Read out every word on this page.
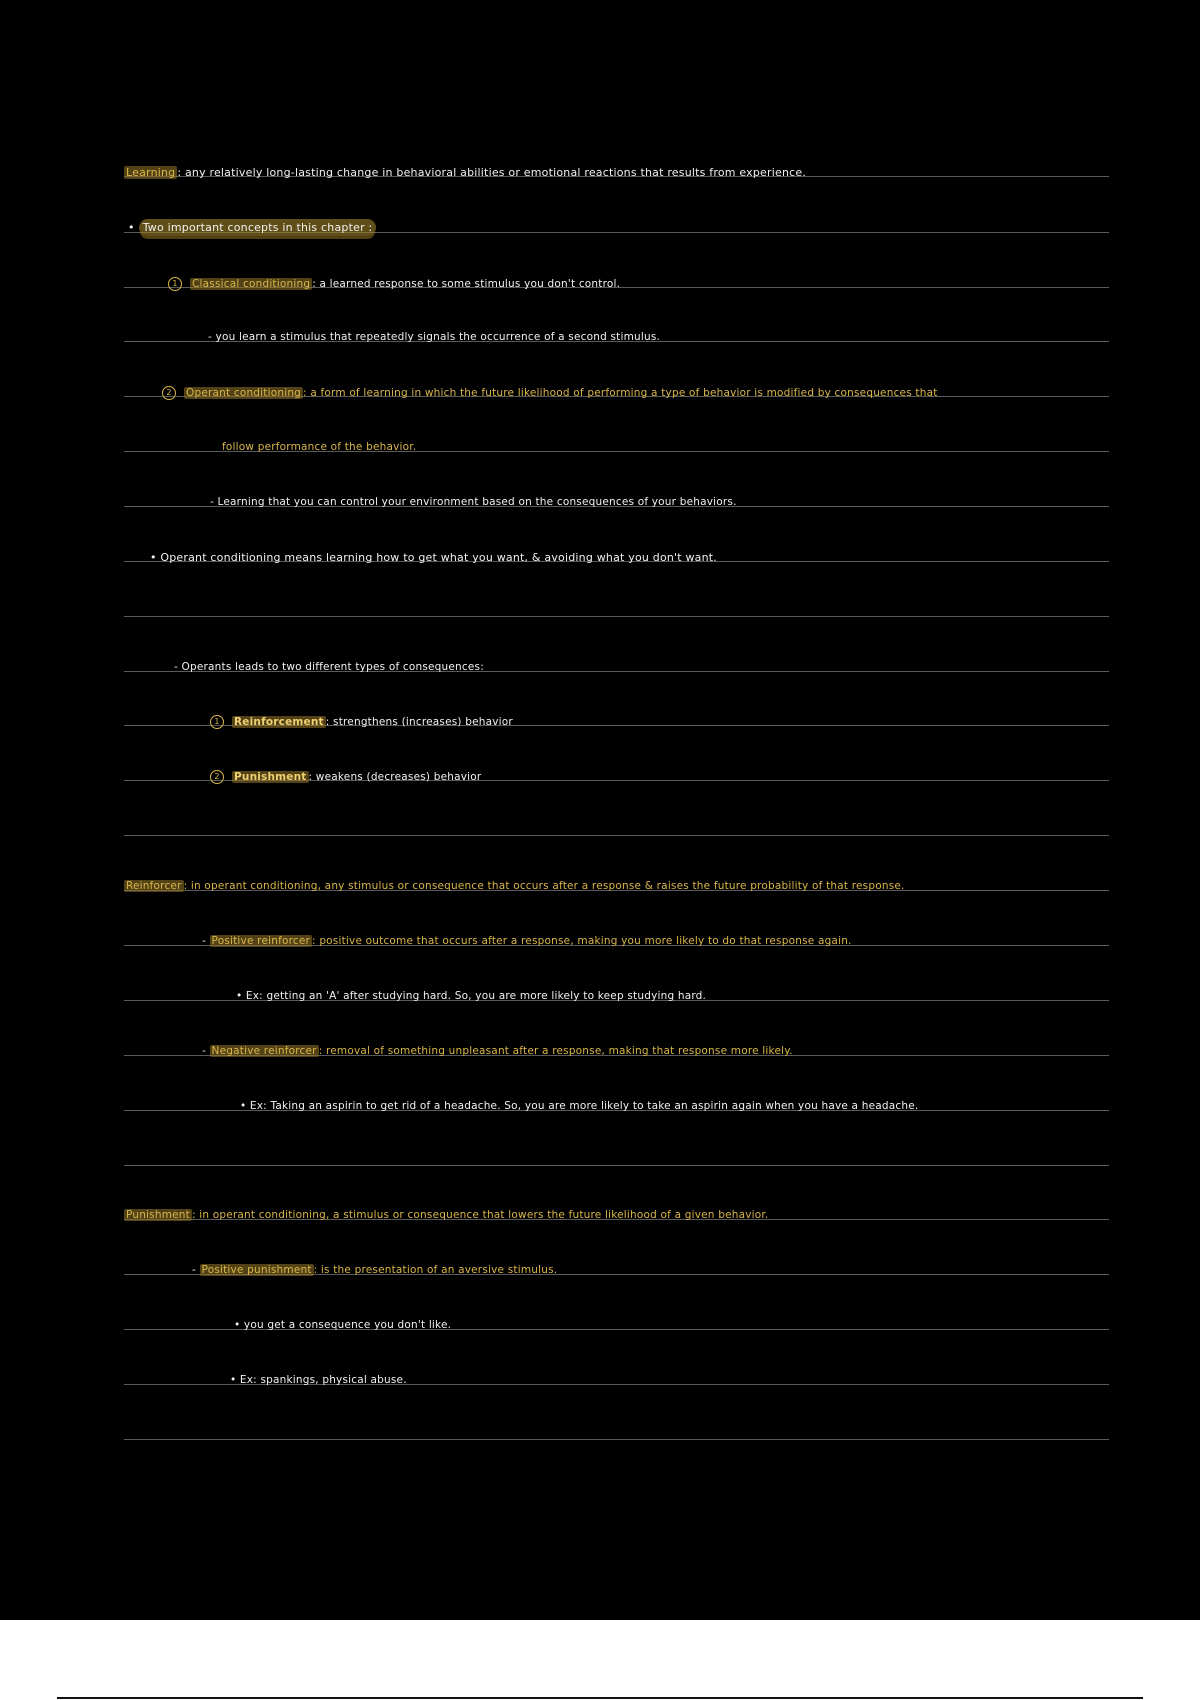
Learning : any relatively long-lasting change in behavioral abilities or emotional reactions that results from experience.
• Two important concepts in this chapter :
1 Classical conditioning : a learned response to some stimulus you don't control.
- you learn a stimulus that repeatedly signals the occurrence of a second stimulus.
2 Operant conditioning : a form of learning in which the future likelihood of performing a type of behavior is modified by consequences that
follow performance of the behavior.
- Learning that you can control your environment based on the consequences of your behaviors.
• Operant conditioning means learning how to get what you want, & avoiding what you don't want.
- Operants leads to two different types of consequences:
1 Reinforcement : strengthens (increases) behavior
2 Punishment : weakens (decreases) behavior
Reinforcer : in operant conditioning, any stimulus or consequence that occurs after a response & raises the future probability of that response.
- Positive reinforcer : positive outcome that occurs after a response, making you more likely to do that response again.
• Ex: getting an 'A' after studying hard. So, you are more likely to keep studying hard.
- Negative reinforcer : removal of something unpleasant after a response, making that response more likely.
• Ex: Taking an aspirin to get rid of a headache. So, you are more likely to take an aspirin again when you have a headache.
Punishment : in operant conditioning, a stimulus or consequence that lowers the future likelihood of a given behavior.
- Positive punishment : is the presentation of an aversive stimulus.
• you get a consequence you don't like.
• Ex: spankings, physical abuse.
